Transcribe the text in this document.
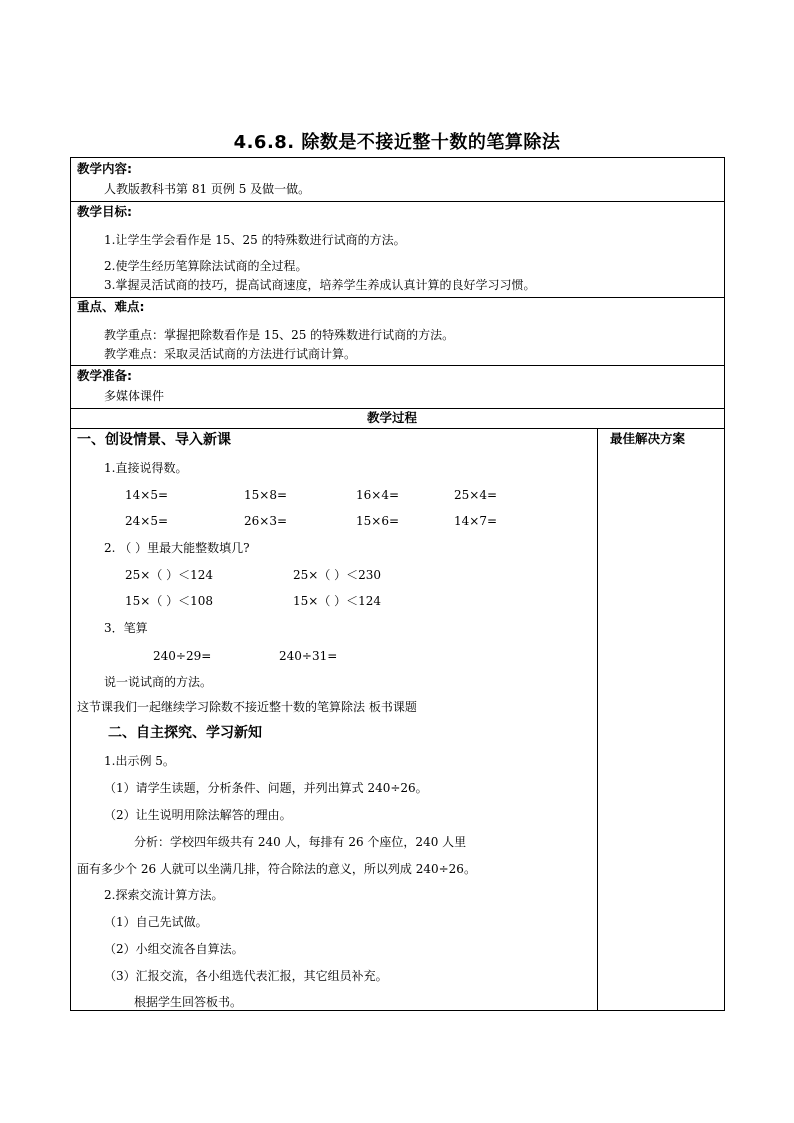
4.6.8. 除数是不接近整十数的笔算除法
教学内容:
人教版教科书第 81 页例 5 及做一做。
教学目标:
1.让学生学会看作是 15、25 的特殊数进行试商的方法。
2.使学生经历笔算除法试商的全过程。
3.掌握灵活试商的技巧，提高试商速度，培养学生养成认真计算的良好学习习惯。
重点、难点:
教学重点：掌握把除数看作是 15、25 的特殊数进行试商的方法。
教学难点：采取灵活试商的方法进行试商计算。
教学准备:
多媒体课件
教学过程
最佳解决方案
一、创设情景、导入新课
1.直接说得数。
14×5=	15×8=	16×4=	25×4=
24×5=	26×3=	15×6=	14×7=
2. （ ）里最大能整数填几?
25×（ ）＜124	25×（ ）＜230
15×（ ）＜108	15×（ ）＜124
3．笔算
240÷29=	240÷31=
说一说试商的方法。
这节课我们一起继续学习除数不接近整十数的笔算除法 板书课题
二、自主探究、学习新知
1.出示例 5。
（1）请学生读题，分析条件、问题，并列出算式 240÷26。
（2）让生说明用除法解答的理由。
分析：学校四年级共有 240 人，每排有 26 个座位，240 人里
面有多少个 26 人就可以坐满几排，符合除法的意义，所以列成 240÷26。
2.探索交流计算方法。
（1）自己先试做。
（2）小组交流各自算法。
（3）汇报交流，各小组选代表汇报，其它组员补充。
根据学生回答板书。
